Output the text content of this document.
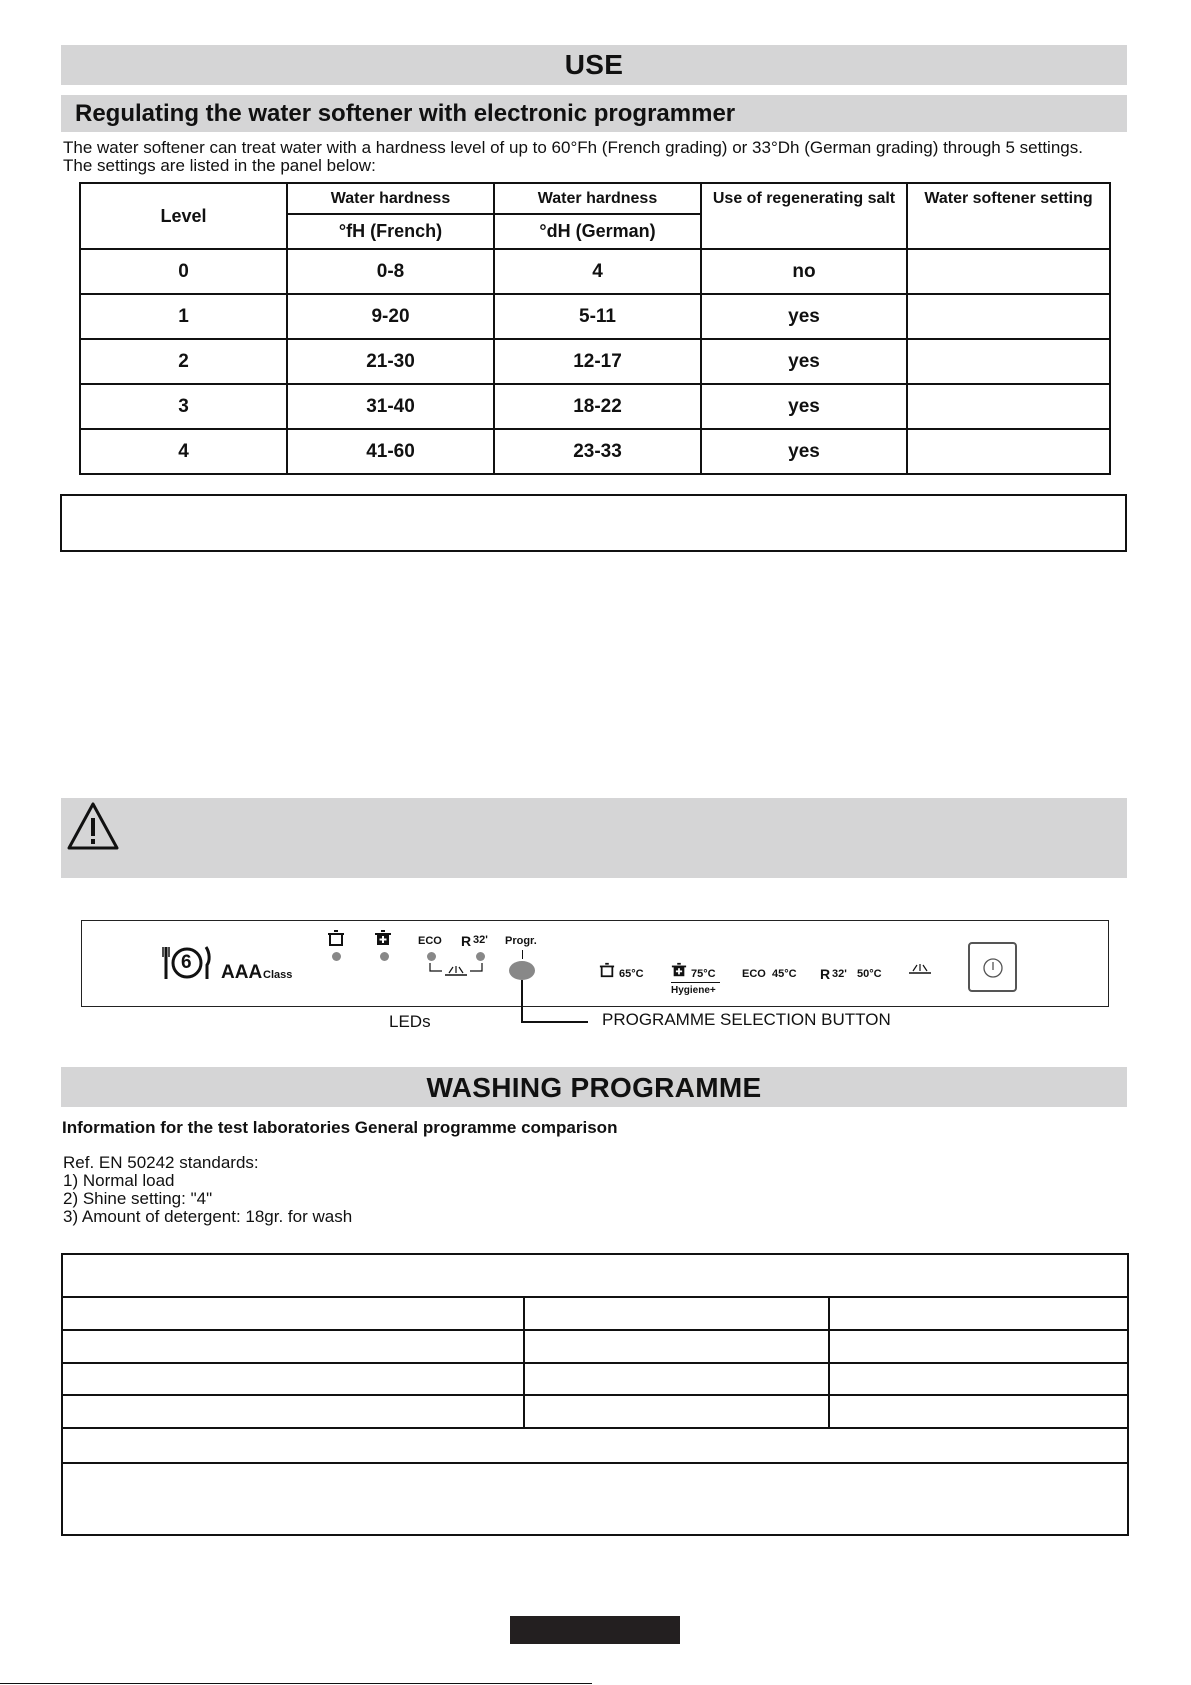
USE
Regulating the water softener with electronic programmer
The water softener can treat water with a hardness level of up to 60°Fh (French grading) or 33°Dh (German grading) through 5 settings.
The settings are listed in the panel below:
Level	Water hardness	Water hardness	Use of regenerating salt	Water softener setting
	°fH (French)	°dH (German)		
0	0-8	4	no	
1	9-20	5-11	yes	
2	21-30	12-17	yes	
3	31-40	18-22	yes	
4	41-60	23-33	yes	
6 AAA Class
ECO R 32' Progr.
65°C	75°C
Hygiene+
ECO 45°C R 32' 50°C
LEDs	PROGRAMME SELECTION BUTTON
WASHING PROGRAMME
Information for the test laboratories General programme comparison
Ref. EN 50242 standards:
1) Normal load
2) Shine setting: "4"
3) Amount of detergent: 18gr. for wash
